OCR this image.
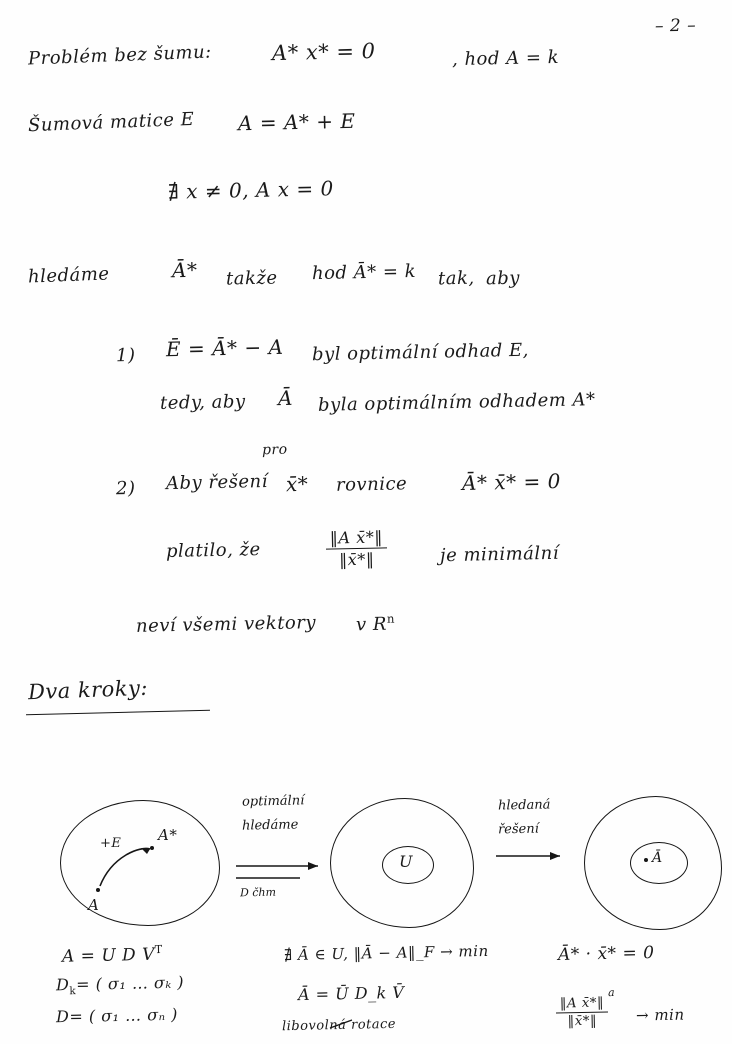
– 2 –
Problém bez šumu:	A* x* = 0	, hod A = k
Šumová matice E A = A* + E
∄ x ≠ 0, A x = 0
hledáme	Ā* takže hod Ā* = k tak, aby
1) Ē = Ā* − A byl optimální odhad E,
tedy, aby Ā byla optimálním odhadem A*
2) Aby řešení
pro
x̄* rovnice	Ā* x̄* = 0
platilo, že	$\frac{\text{‖A x̄*‖}}{‖x̄*‖}$	je minimální
neví všemi vektory v $R^n$
Dva kroky:
+E A*
A
U	Ā
optimální
hledáme
D čhm
hledaná
řešení
A = U D $V^T$
$D_k=$ ( σ₁ … σₖ )
D= ( σ₁ … σₙ )
∄ Ā ∈ U, ‖Ā − A‖_F → min
Ā = Ū D_k V̄
libovolná rotace
Ā* · x̄* = 0
a
$\frac{\text{‖A x̄*‖}}{‖x̄*‖} \to \min$
